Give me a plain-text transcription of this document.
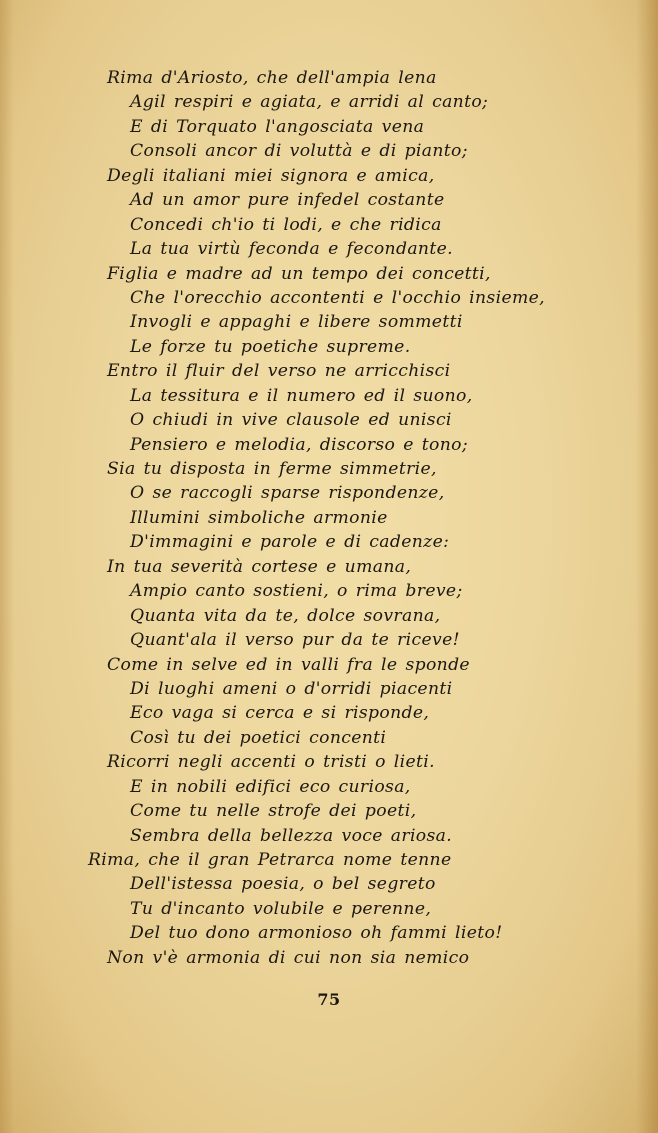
Rima d'Ariosto, che dell'ampia lena
Agil respiri e agiata, e arridi al canto;
E di Torquato l'angosciata vena
Consoli ancor di voluttà e di pianto;
Degli italiani miei signora e amica,
Ad un amor pure infedel costante
Concedi ch'io ti lodi, e che ridica
La tua virtù feconda e fecondante.
Figlia e madre ad un tempo dei concetti,
Che l'orecchio accontenti e l'occhio insieme,
Invogli e appaghi e libere sommetti
Le forze tu poetiche supreme.
Entro il fluir del verso ne arricchisci
La tessitura e il numero ed il suono,
O chiudi in vive clausole ed unisci
Pensiero e melodia, discorso e tono;
Sia tu disposta in ferme simmetrie,
O se raccogli sparse rispondenze,
Illumini simboliche armonie
D'immagini e parole e di cadenze:
In tua severità cortese e umana,
Ampio canto sostieni, o rima breve;
Quanta vita da te, dolce sovrana,
Quant'ala il verso pur da te riceve!
Come in selve ed in valli fra le sponde
Di luoghi ameni o d'orridi piacenti
Eco vaga si cerca e si risponde,
Così tu dei poetici concenti
Ricorri negli accenti o tristi o lieti.
E in nobili edifici eco curiosa,
Come tu nelle strofe dei poeti,
Sembra della bellezza voce ariosa.
Rima, che il gran Petrarca nome tenne
Dell'istessa poesia, o bel segreto
Tu d'incanto volubile e perenne,
Del tuo dono armonioso oh fammi lieto!
Non v'è armonia di cui non sia nemico
75
